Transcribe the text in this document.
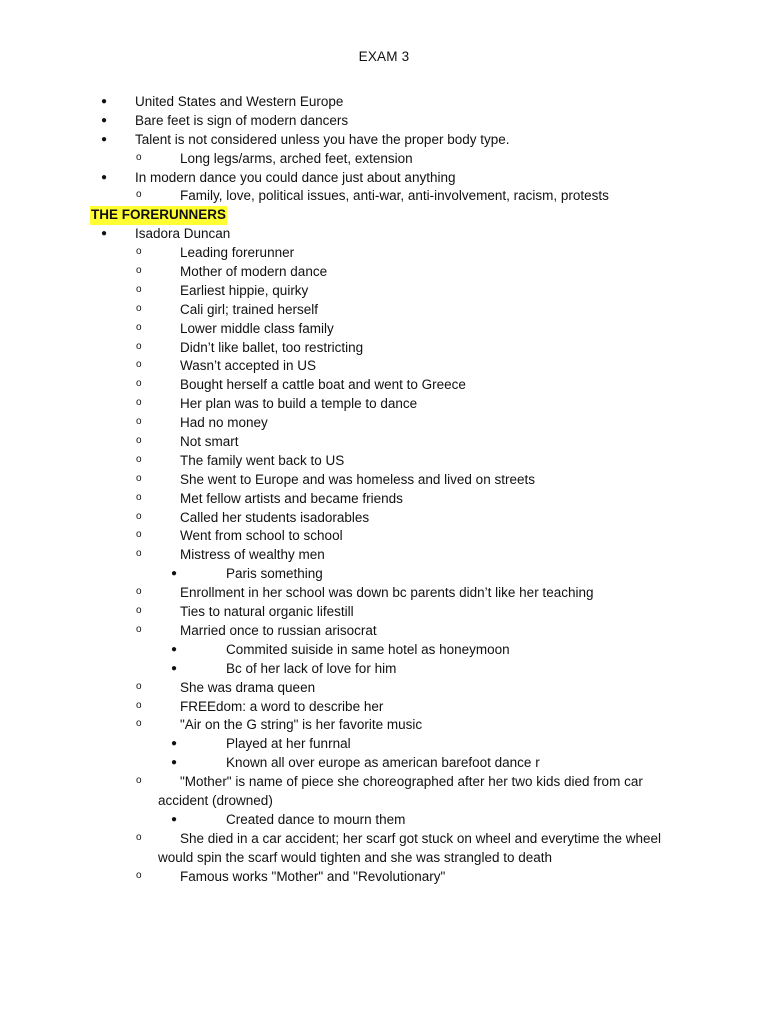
EXAM 3
● United States and Western Europe
● Bare feet is sign of modern dancers
● Talent is not considered unless you have the proper body type.
o	Long legs/arms, arched feet, extension
● In modern dance you could dance just about anything
o	Family, love, political issues, anti-war, anti-involvement, racism, protests
THE FORERUNNERS
● Isadora Duncan
o	Leading forerunner
o	Mother of modern dance
o	Earliest hippie, quirky
o	Cali girl; trained herself
o	Lower middle class family
o	Didn’t like ballet, too restricting
o	Wasn’t accepted in US
o	Bought herself a cattle boat and went to Greece
o	Her plan was to build a temple to dance
o	Had no money
o	Not smart
o	The family went back to US
o	She went to Europe and was homeless and lived on streets
o	Met fellow artists and became friends
o	Called her students isadorables
o	Went from school to school
o	Mistress of wealthy men
●	Paris something
o	Enrollment in her school was down bc parents didn’t like her teaching
o	Ties to natural organic lifestill
o	Married once to russian arisocrat
●	Commited suiside in same hotel as honeymoon
●	Bc of her lack of love for him
o	She was drama queen
o	FREEdom: a word to describe her
o	"Air on the G string" is her favorite music
●	Played at her funrnal
●	Known all over europe as american barefoot dance r
o	"Mother" is name of piece she choreographed after her two kids died from car accident (drowned)
●	Created dance to mourn them
o	She died in a car accident; her scarf got stuck on wheel and everytime the wheel would spin the scarf would tighten and she was strangled to death
o	Famous works "Mother" and "Revolutionary"
